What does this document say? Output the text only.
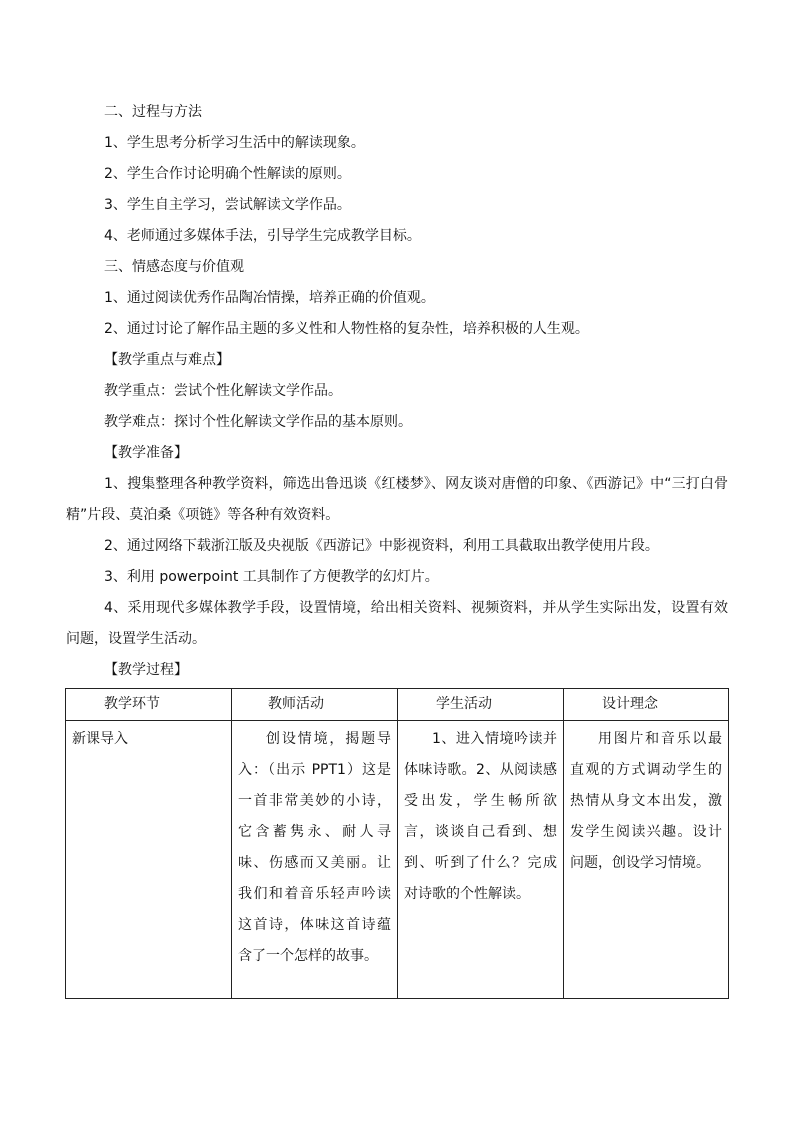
二、过程与方法

1、学生思考分析学习生活中的解读现象。

2、学生合作讨论明确个性解读的原则。

3、学生自主学习，尝试解读文学作品。

4、老师通过多媒体手法，引导学生完成教学目标。

三、情感态度与价值观

1、通过阅读优秀作品陶冶情操，培养正确的价值观。

2、通过讨论了解作品主题的多义性和人物性格的复杂性，培养积极的人生观。

【教学重点与难点】

教学重点：尝试个性化解读文学作品。

教学难点：探讨个性化解读文学作品的基本原则。

【教学准备】

1、搜集整理各种教学资料，筛选出鲁迅谈《红楼梦》、网友谈对唐僧的印象、《西游记》中“三打白骨精”片段、莫泊桑《项链》等各种有效资料。

2、通过网络下载浙江版及央视版《西游记》中影视资料，利用工具截取出教学使用片段。

3、利用 powerpoint 工具制作了方便教学的幻灯片。

4、采用现代多媒体教学手段，设置情境，给出相关资料、视频资料，并从学生实际出发，设置有效问题，设置学生活动。

【教学过程】

教学环节	教师活动	学生活动	设计理念
新课导入	创设情境，揭题导入：（出示 PPT1）这是一首非常美妙的小诗，它含蓄隽永、耐人寻味、伤感而又美丽。让我们和着音乐轻声吟读这首诗，体味这首诗蕴含了一个怎样的故事。	1、进入情境吟读并体味诗歌。2、从阅读感受出发，学生畅所欲言，谈谈自己看到、想到、听到了什么？完成对诗歌的个性解读。	用图片和音乐以最直观的方式调动学生的热情从身文本出发，激发学生阅读兴趣。设计问题，创设学习情境。
